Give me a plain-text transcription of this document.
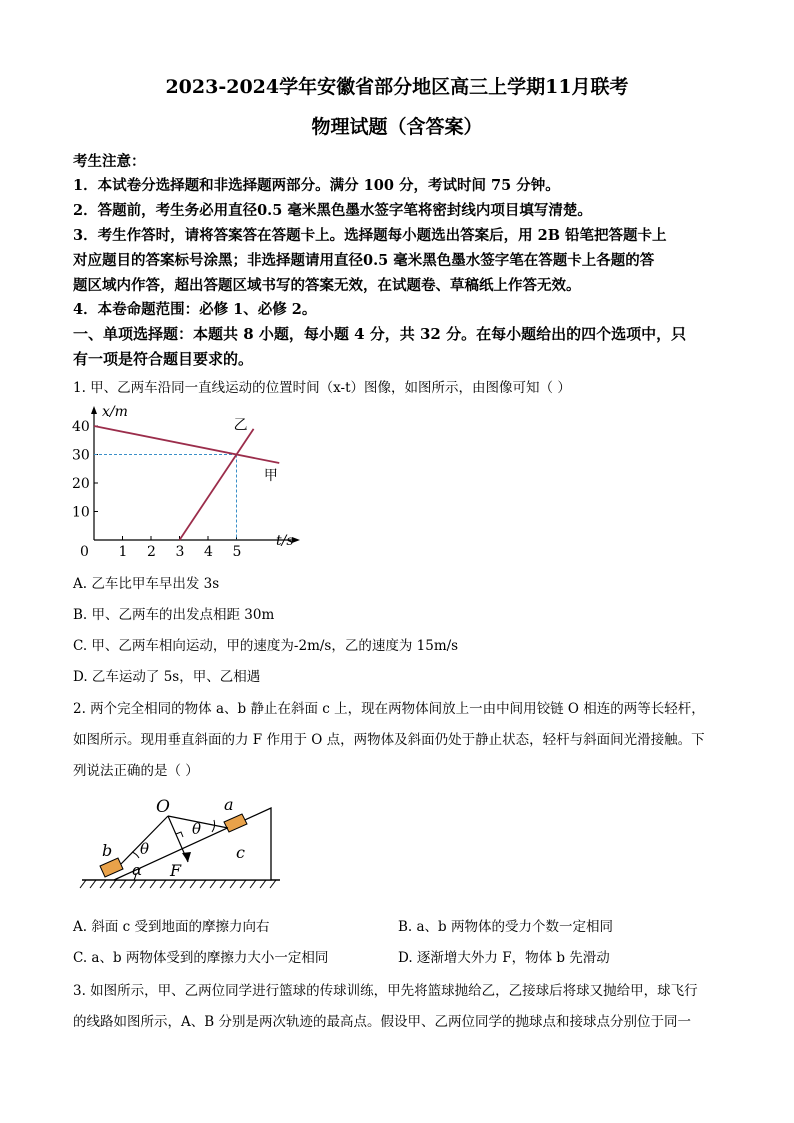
2023-2024学年安徽省部分地区高三上学期11月联考
物理试题（含答案）
考生注意：
1．本试卷分选择题和非选择题两部分。满分 100 分，考试时间 75 分钟。
2．答题前，考生务必用直径0.5 毫米黑色墨水签字笔将密封线内项目填写清楚。
3．考生作答时，请将答案答在答题卡上。选择题每小题选出答案后，用 2B 铅笔把答题卡上
对应题目的答案标号涂黑；非选择题请用直径0.5 毫米黑色墨水签字笔在答题卡上各题的答
题区域内作答，超出答题区域书写的答案无效，在试题卷、草稿纸上作答无效。
4．本卷命题范围：必修 1、必修 2。
一、单项选择题：本题共 8 小题，每小题 4 分，共 32 分。在每小题给出的四个选项中，只
有一项是符合题目要求的。
1. 甲、乙两车沿同一直线运动的位置时间（x-t）图像，如图所示，由图像可知（ ）
t/s
x/m
0 1 2 3 4 5
10
20
30
40
甲
乙
A. 乙车比甲车早出发 3s
B. 甲、乙两车的出发点相距 30m
C. 甲、乙两车相向运动，甲的速度为-2m/s，乙的速度为 15m/s
D. 乙车运动了 5s，甲、乙相遇
2. 两个完全相同的物体 a、b 静止在斜面 c 上，现在两物体间放上一由中间用铰链 O 相连的两等长轻杆，
如图所示。现用垂直斜面的力 F 作用于 O 点，两物体及斜面仍处于静止状态，轻杆与斜面间光滑接触。下
列说法正确的是（ ）
O	a
b	c
F
θ
θ
α
A. 斜面 c 受到地面的摩擦力向右	B. a、b 两物体的受力个数一定相同
C. a、b 两物体受到的摩擦力大小一定相同	D. 逐渐增大外力 F，物体 b 先滑动
3. 如图所示，甲、乙两位同学进行篮球的传球训练，甲先将篮球抛给乙，乙接球后将球又抛给甲，球飞行
的线路如图所示，A、B 分别是两次轨迹的最高点。假设甲、乙两位同学的抛球点和接球点分别位于同一
